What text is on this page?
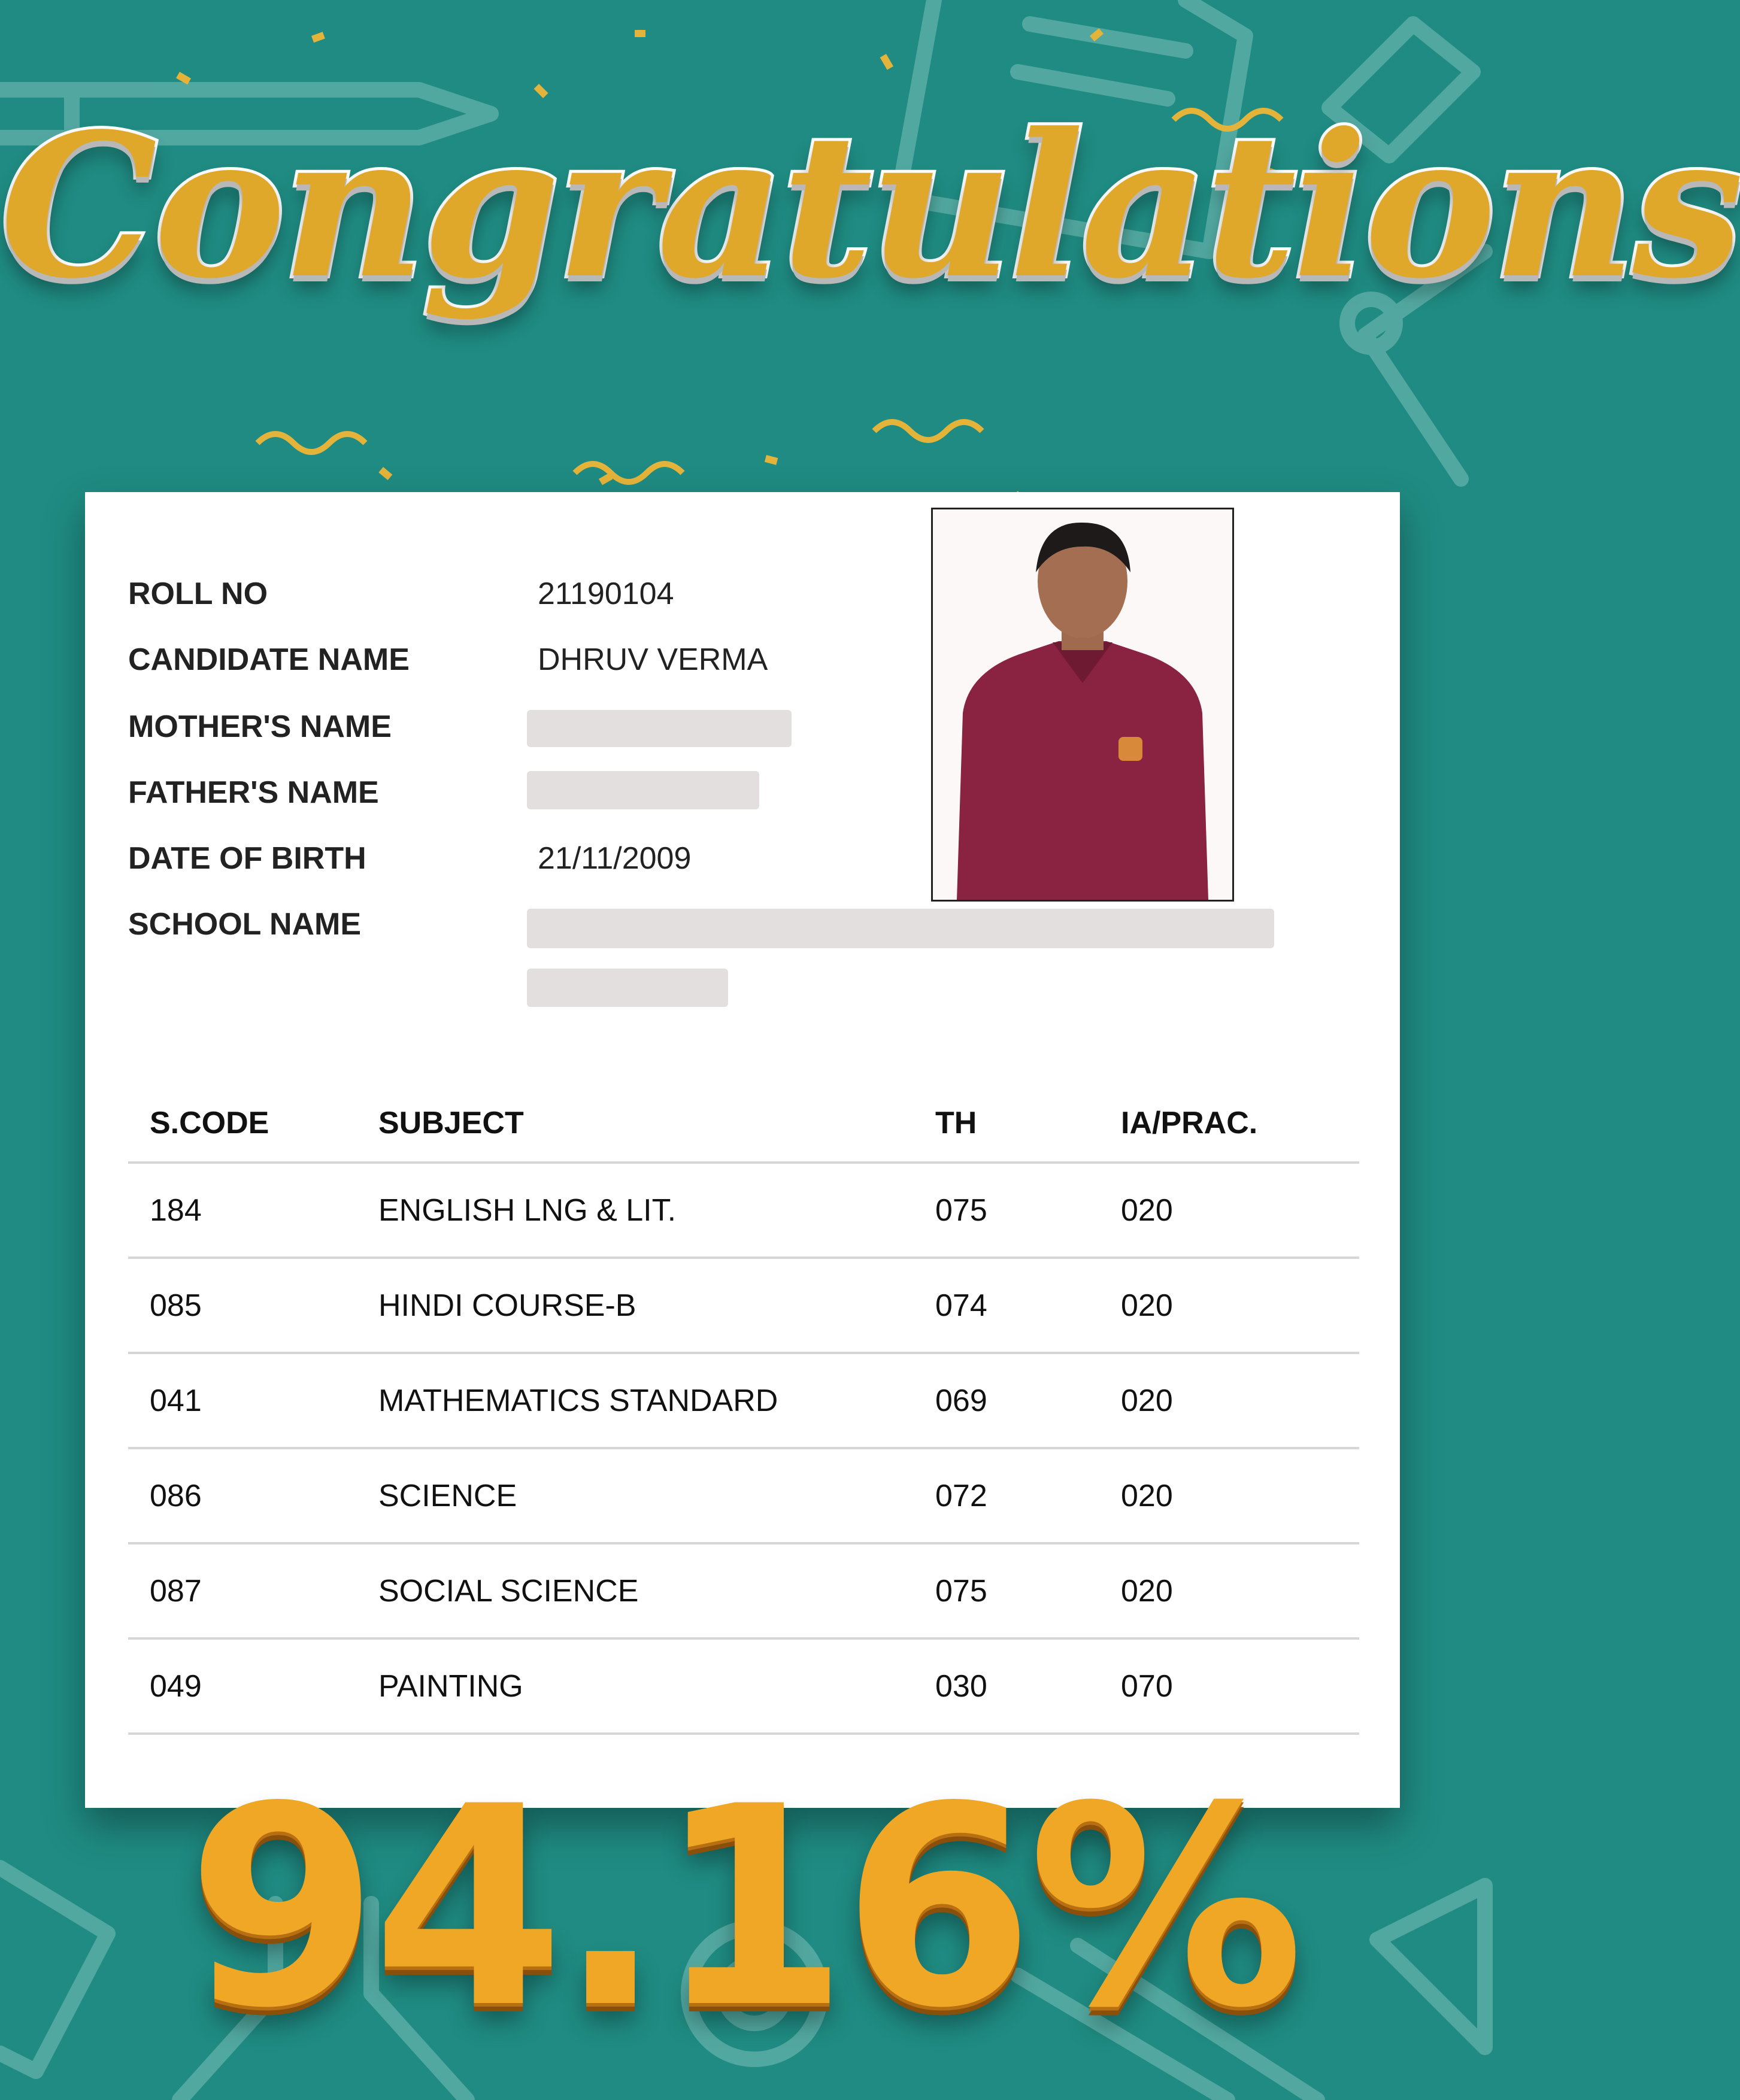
Congratulations
ROLL NO	21190104
CANDIDATE NAME	DHRUV VERMA
MOTHER'S NAME
FATHER'S NAME
DATE OF BIRTH	21/11/2009
SCHOOL NAME
S.CODE	SUBJECT	TH	IA/PRAC.
184	ENGLISH LNG & LIT.	075	020
085	HINDI COURSE-B	074	020
041	MATHEMATICS STANDARD	069	020
086	SCIENCE	072	020
087	SOCIAL SCIENCE	075	020
049	PAINTING	030	070
94.16%
